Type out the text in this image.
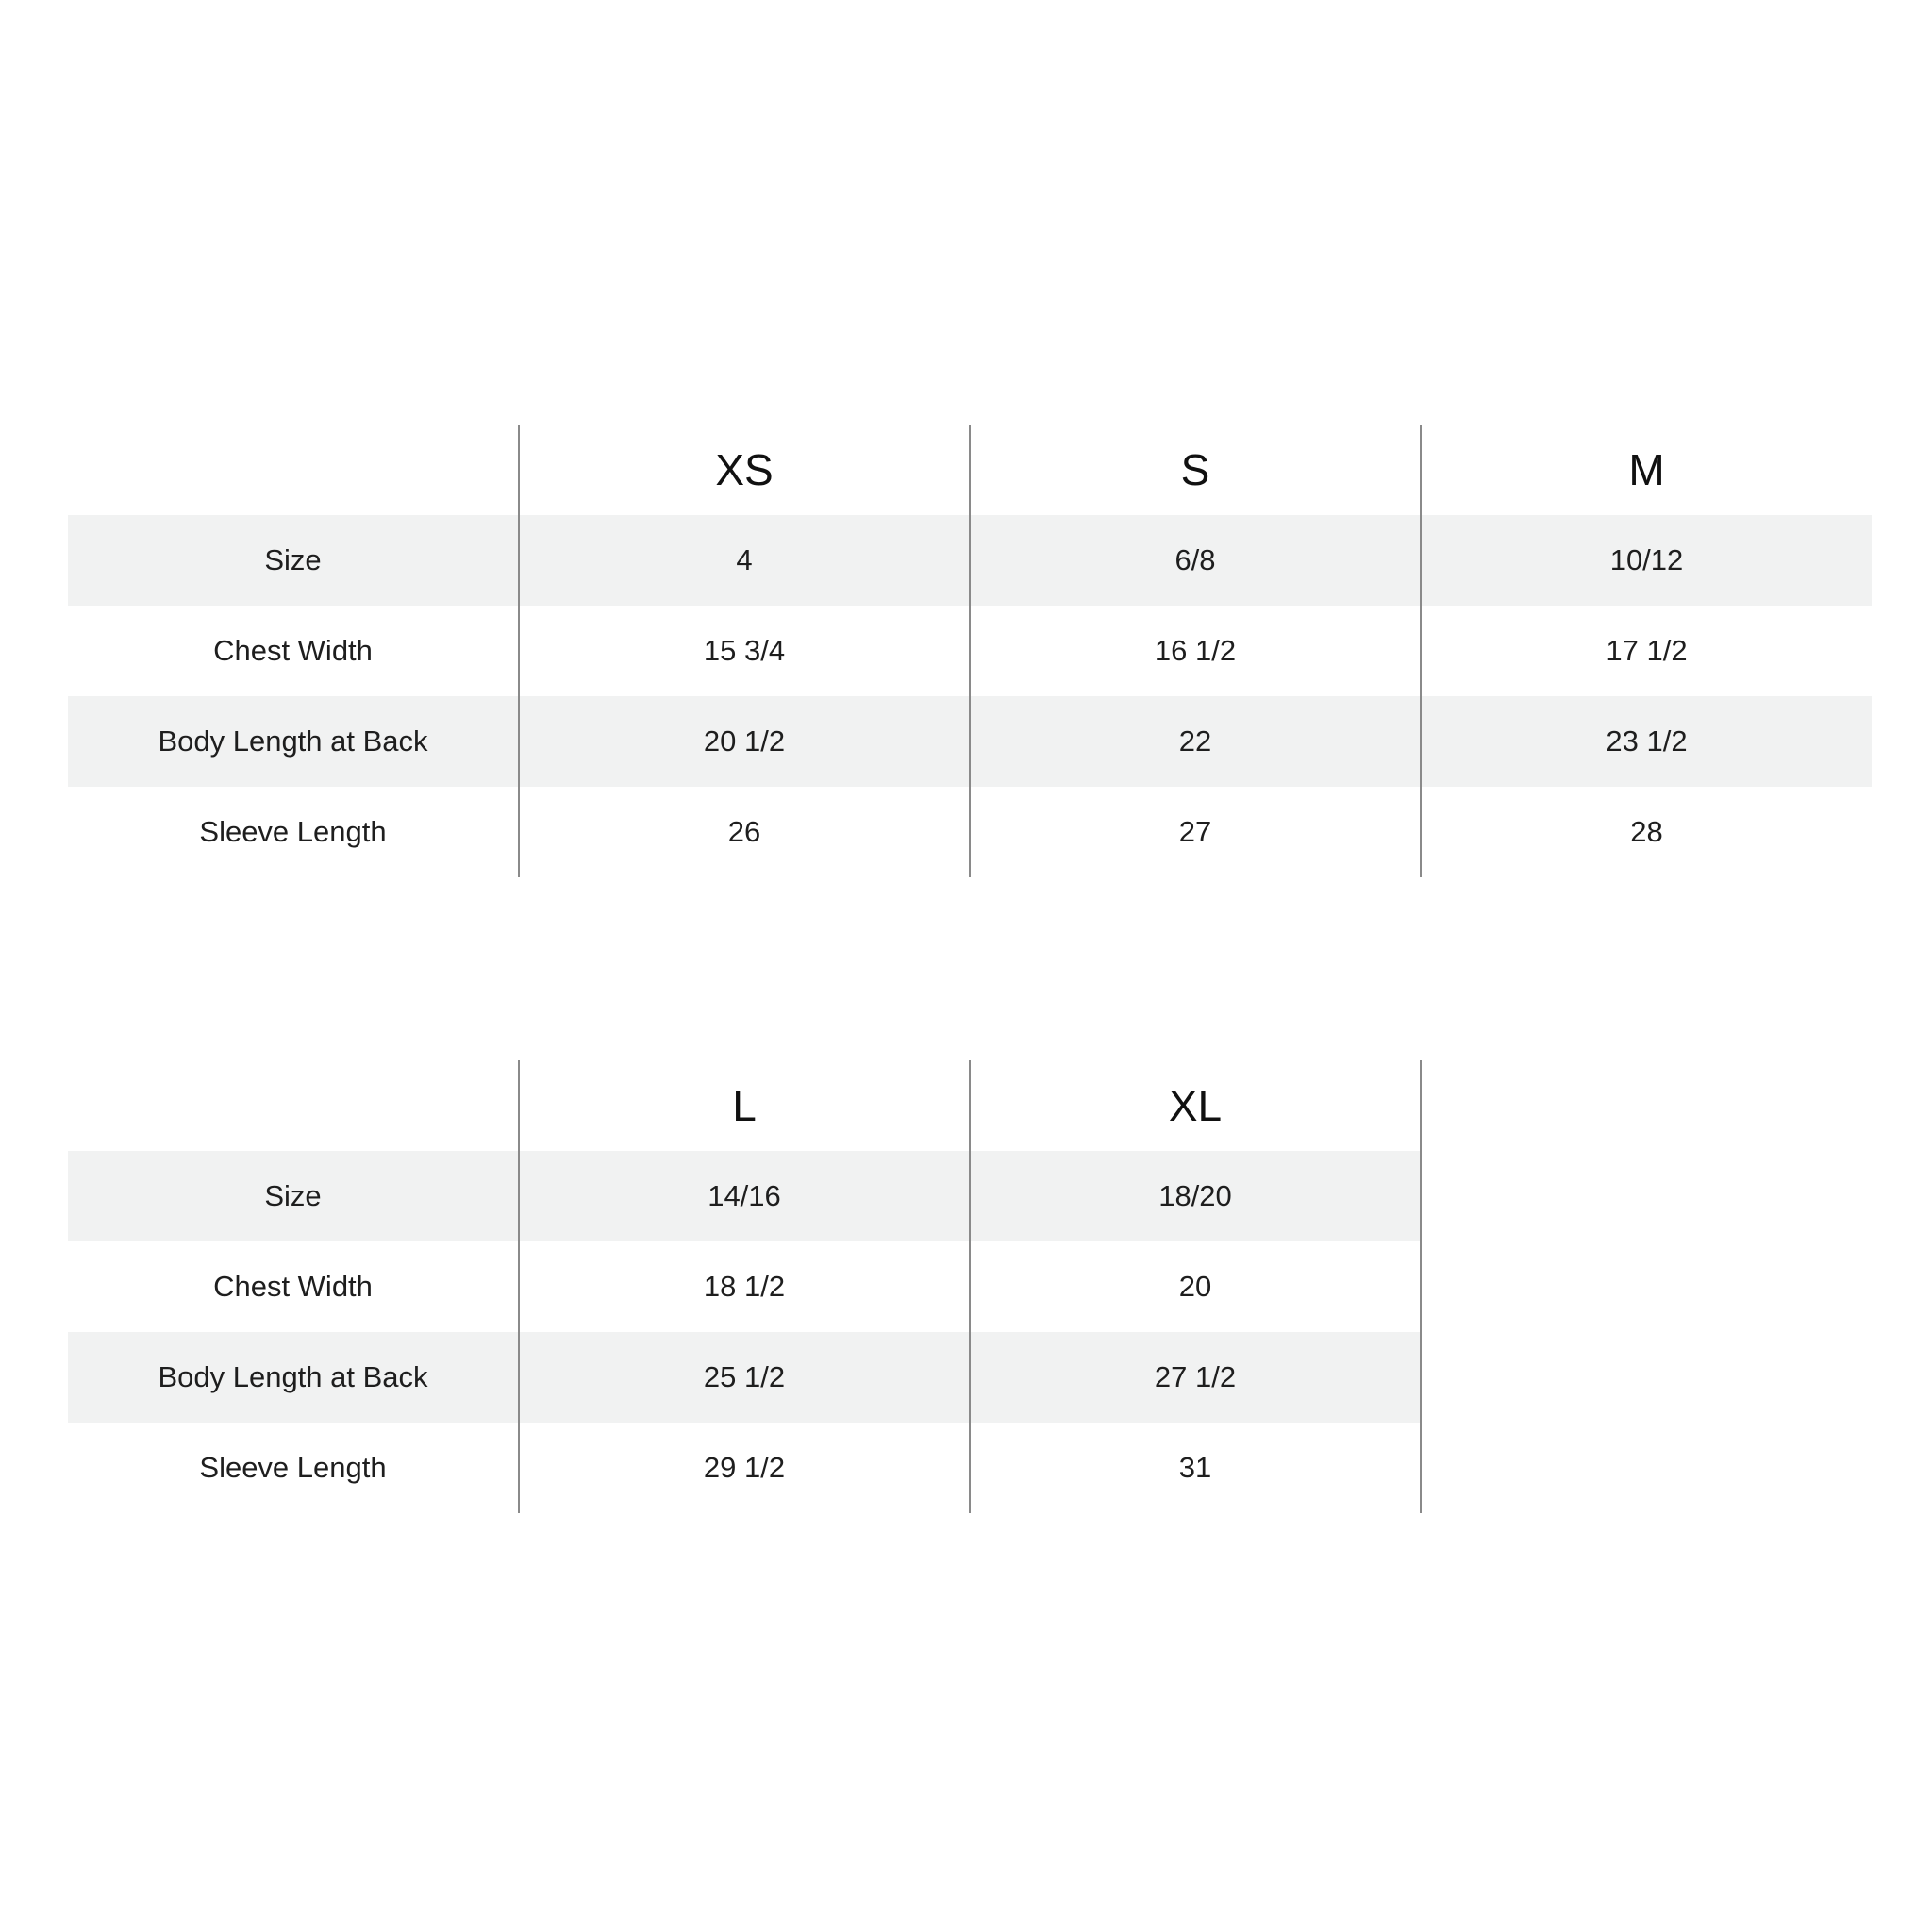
	XS	S	M
Size	4	6/8	10/12
Chest Width	15 3/4	16 1/2	17 1/2
Body Length at Back	20 1/2	22	23 1/2
Sleeve Length	26	27	28
	L	XL
Size	14/16	18/20
Chest Width	18 1/2	20
Body Length at Back	25 1/2	27 1/2
Sleeve Length	29 1/2	31
